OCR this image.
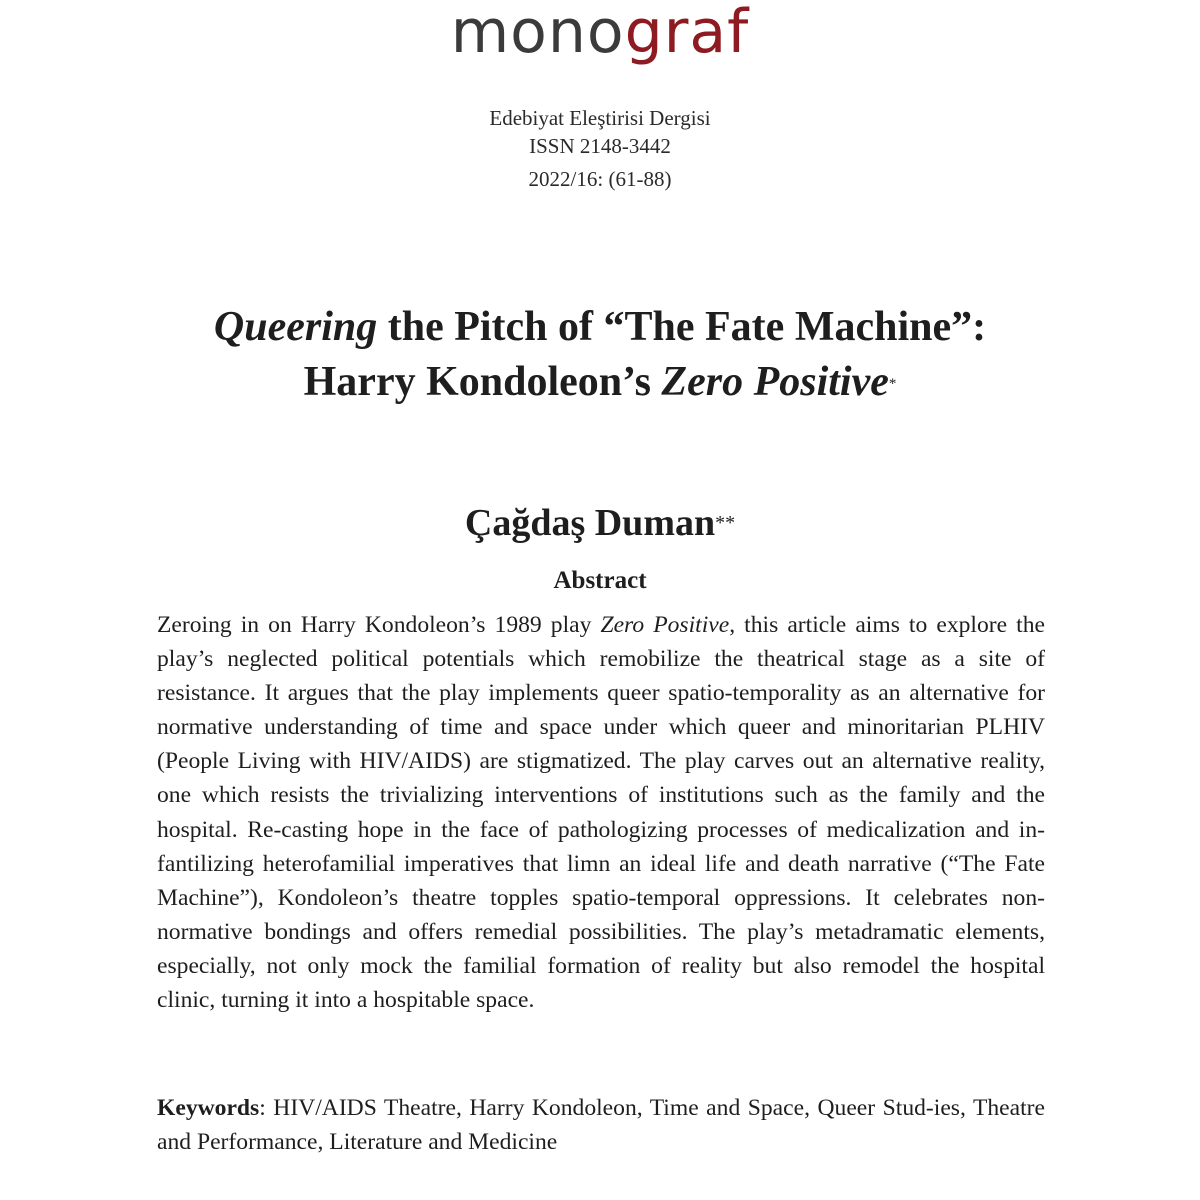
monograf
Edebiyat Eleştirisi Dergisi
ISSN 2148-3442
2022/16: (61-88)
Queering the Pitch of “The Fate Machine”:
Harry Kondoleon’s Zero Positive*
Çağdaş Duman**
Abstract
Zeroing in on Harry Kondoleon’s 1989 play Zero Positive, this article aims to explore the play’s neglected political potentials which remobilize the theatrical stage as a site of resistance. It argues that the play implements queer spatio-temporality as an alternative for normative understanding of time and space under which queer and minoritarian PLHIV (People Living with HIV/AIDS) are stigmatized. The play carves out an alternative reality, one which resists the trivializing interventions of institutions such as the family and the hospital. Re-casting hope in the face of pathologizing processes of medicalization and in-fantilizing heterofamilial imperatives that limn an ideal life and death narrative (“The Fate Machine”), Kondoleon’s theatre topples spatio-temporal oppressions. It celebrates non-normative bondings and offers remedial possibilities. The play’s metadramatic elements, especially, not only mock the familial formation of reality but also remodel the hospital clinic, turning it into a hospitable space.
Keywords: HIV/AIDS Theatre, Harry Kondoleon, Time and Space, Queer Stud-ies, Theatre and Performance, Literature and Medicine
